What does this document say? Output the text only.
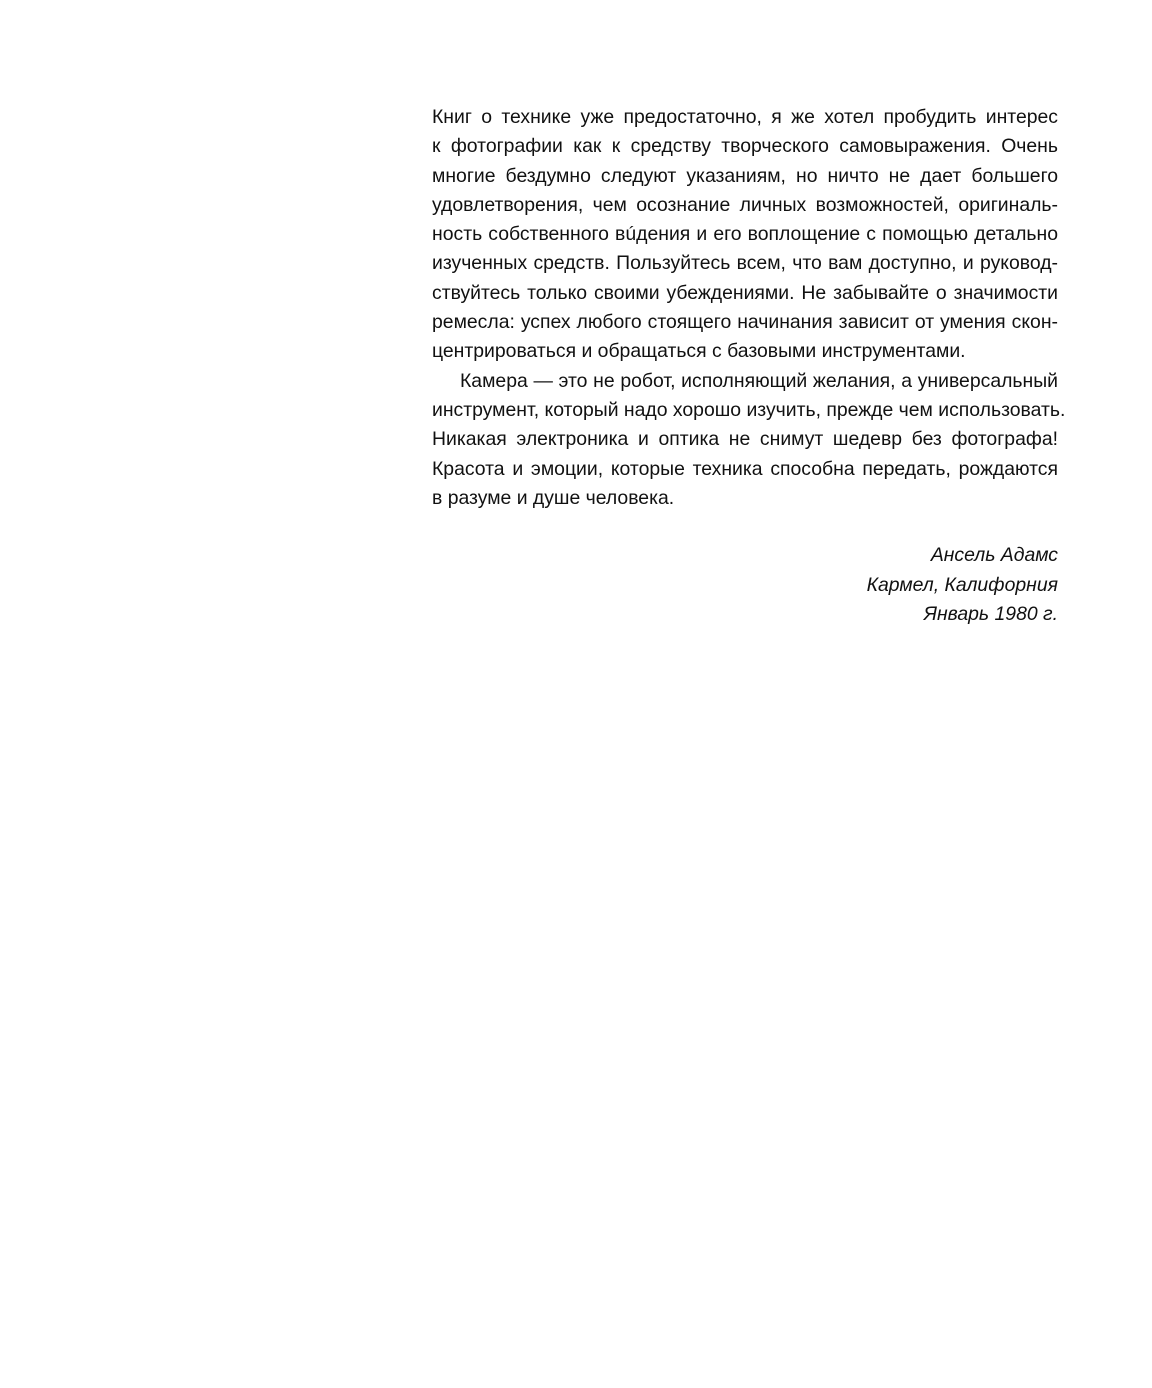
Книг о технике уже предостаточно, я же хотел пробудить интерес
к фотографии как к средству творческого самовыражения. Очень
многие бездумно следуют указаниям, но ничто не дает большего
удовлетворения, чем осознание личных возможностей, оригиналь-
ность собственного вúдения и его воплощение с помощью детально
изученных средств. Пользуйтесь всем, что вам доступно, и руковод-
ствуйтесь только своими убеждениями. Не забывайте о значимости
ремесла: успех любого стоящего начинания зависит от умения скон-
центрироваться и обращаться с базовыми инструментами.
Камера — это не робот, исполняющий желания, а универсальный
инструмент, который надо хорошо изучить, прежде чем использовать.
Никакая электроника и оптика не снимут шедевр без фотографа!
Красота и эмоции, которые техника способна передать, рождаются
в разуме и душе человека.
Ансель Адамс
Кармел, Калифорния
Январь 1980 г.
